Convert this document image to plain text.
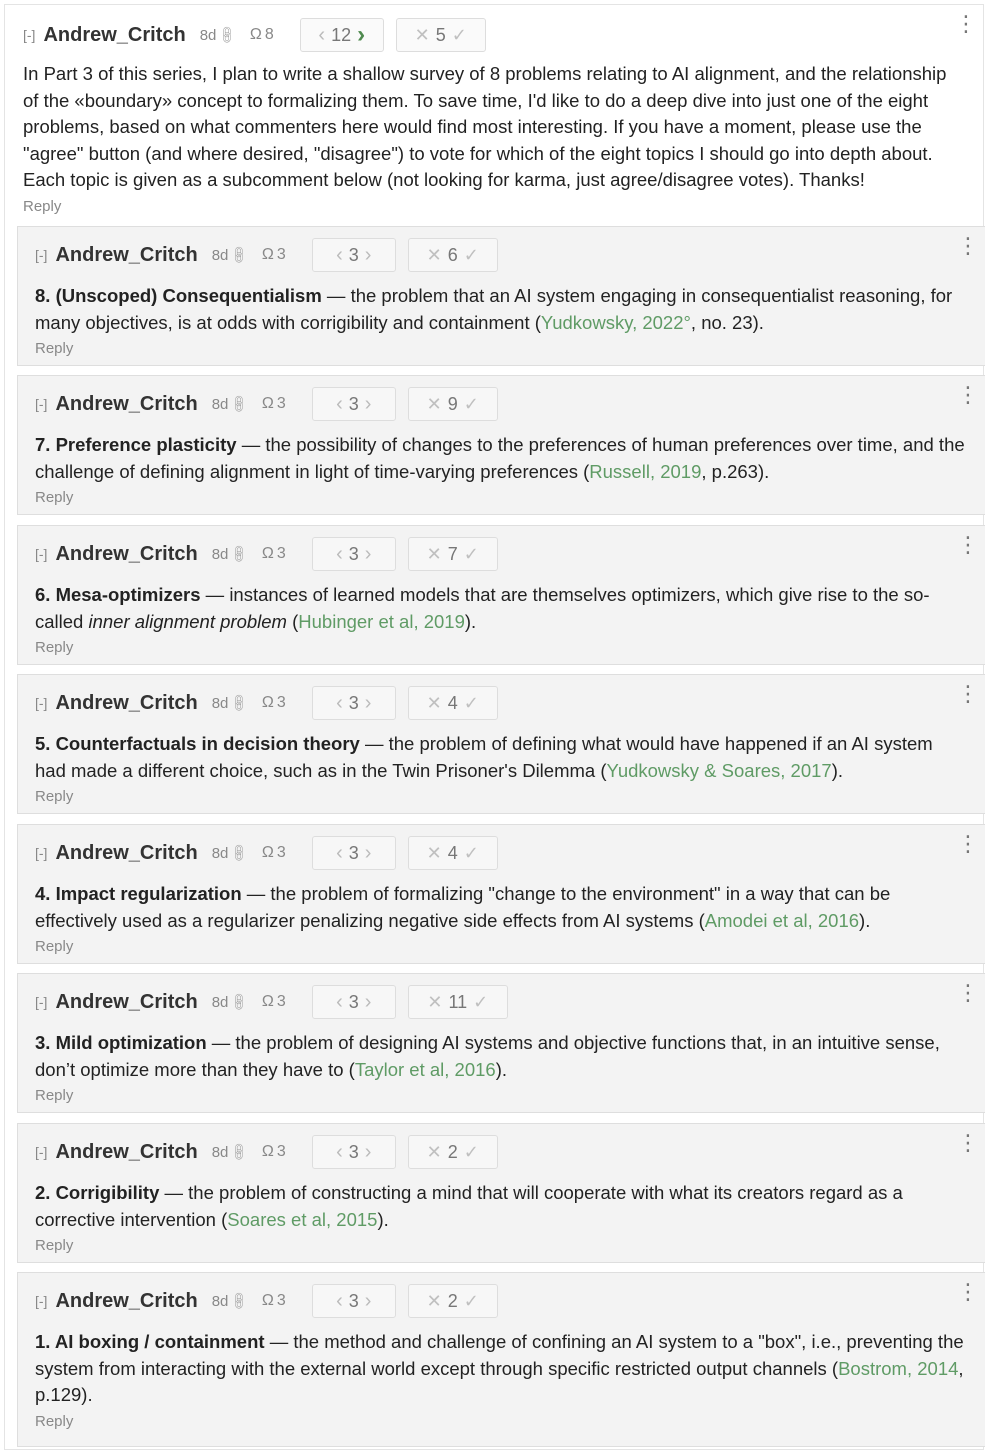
[-] Andrew_Critch 8d 🔗︎ Ω 8	‹ 12 ›	✕ 5 ✓	⋮
In Part 3 of this series, I plan to write a shallow survey of 8 problems relating to AI alignment, and the relationship of the «boundary» concept to formalizing them. To save time, I'd like to do a deep dive into just one of the eight problems, based on what commenters here would find most interesting. If you have a moment, please use the "agree" button (and where desired, "disagree") to vote for which of the eight topics I should go into depth about. Each topic is given as a subcomment below (not looking for karma, just agree/disagree votes). Thanks!
Reply
[-] Andrew_Critch 8d 🔗︎ Ω 3	‹ 3 ›	✕ 6 ✓	⋮
8. (Unscoped) Consequentialism — the problem that an AI system engaging in consequentialist reasoning, for many objectives, is at odds with corrigibility and containment (Yudkowsky, 2022°, no. 23).
Reply
[-] Andrew_Critch 8d 🔗︎ Ω 3	‹ 3 ›	✕ 9 ✓	⋮
7. Preference plasticity — the possibility of changes to the preferences of human preferences over time, and the challenge of defining alignment in light of time-varying preferences (Russell, 2019, p.263).
Reply
[-] Andrew_Critch 8d 🔗︎ Ω 3	‹ 3 ›	✕ 7 ✓	⋮
6. Mesa-optimizers — instances of learned models that are themselves optimizers, which give rise to the so-called inner alignment problem (Hubinger et al, 2019).
Reply
[-] Andrew_Critch 8d 🔗︎ Ω 3	‹ 3 ›	✕ 4 ✓	⋮
5. Counterfactuals in decision theory — the problem of defining what would have happened if an AI system had made a different choice, such as in the Twin Prisoner's Dilemma (Yudkowsky & Soares, 2017).
Reply
[-] Andrew_Critch 8d 🔗︎ Ω 3	‹ 3 ›	✕ 4 ✓	⋮
4. Impact regularization — the problem of formalizing "change to the environment" in a way that can be effectively used as a regularizer penalizing negative side effects from AI systems (Amodei et al, 2016).
Reply
[-] Andrew_Critch 8d 🔗︎ Ω 3	‹ 3 ›	✕ 11 ✓	⋮
3. Mild optimization — the problem of designing AI systems and objective functions that, in an intuitive sense, don’t optimize more than they have to (Taylor et al, 2016).
Reply
[-] Andrew_Critch 8d 🔗︎ Ω 3	‹ 3 ›	✕ 2 ✓	⋮
2. Corrigibility — the problem of constructing a mind that will cooperate with what its creators regard as a corrective intervention (Soares et al, 2015).
Reply
[-] Andrew_Critch 8d 🔗︎ Ω 3	‹ 3 ›	✕ 2 ✓	⋮
1. AI boxing / containment — the method and challenge of confining an AI system to a "box", i.e., preventing the system from interacting with the external world except through specific restricted output channels (Bostrom, 2014, p.129).
Reply
